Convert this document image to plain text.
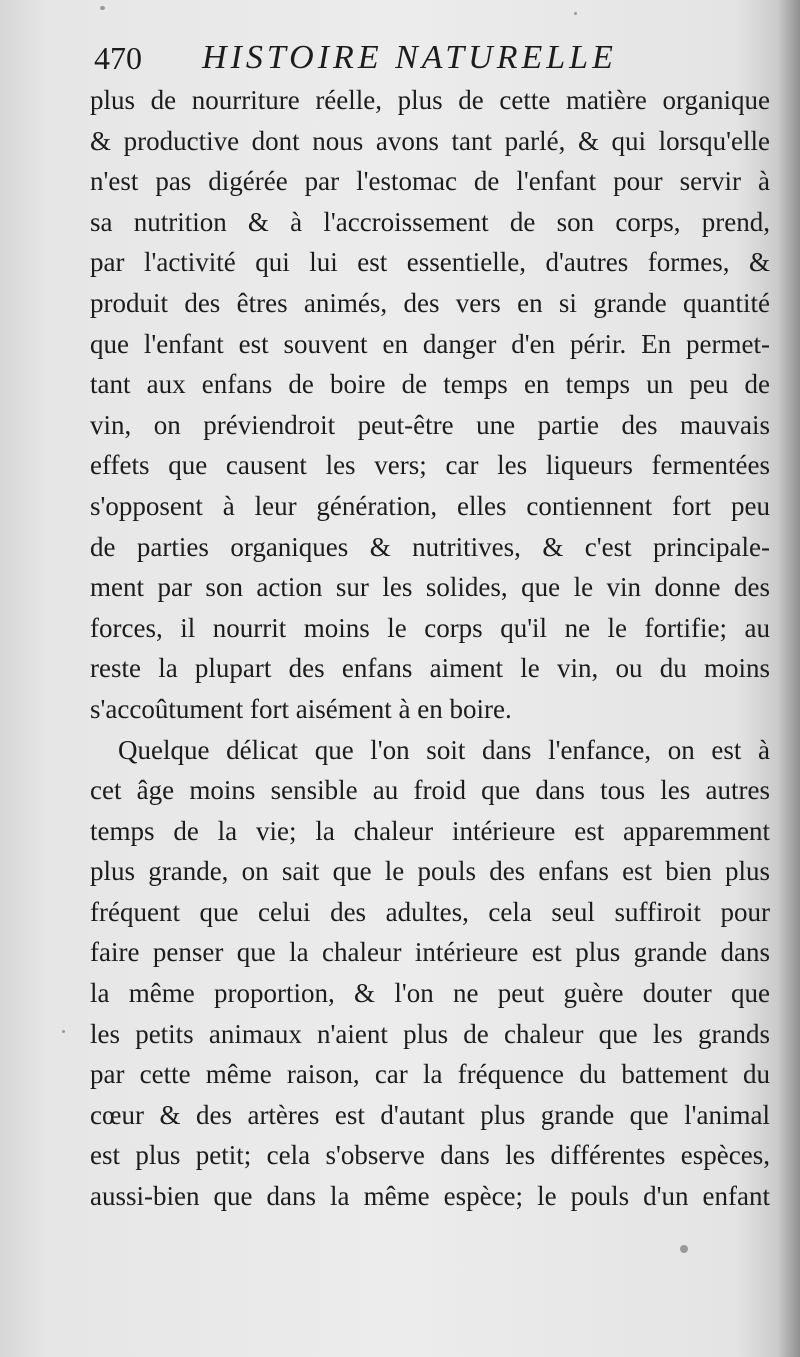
470	HISTOIRE NATURELLE
plus de nourriture réelle, plus de cette matière organique
& productive dont nous avons tant parlé, & qui lorsqu'elle
n'est pas digérée par l'estomac de l'enfant pour servir à
sa nutrition & à l'accroissement de son corps, prend,
par l'activité qui lui est essentielle, d'autres formes, &
produit des êtres animés, des vers en si grande quantité
que l'enfant est souvent en danger d'en périr. En permet-
tant aux enfans de boire de temps en temps un peu de
vin, on préviendroit peut-être une partie des mauvais
effets que causent les vers; car les liqueurs fermentées
s'opposent à leur génération, elles contiennent fort peu
de parties organiques & nutritives, & c'est principale-
ment par son action sur les solides, que le vin donne des
forces, il nourrit moins le corps qu'il ne le fortifie; au
reste la plupart des enfans aiment le vin, ou du moins
s'accoûtument fort aisément à en boire.
Quelque délicat que l'on soit dans l'enfance, on est à
cet âge moins sensible au froid que dans tous les autres
temps de la vie; la chaleur intérieure est apparemment
plus grande, on sait que le pouls des enfans est bien plus
fréquent que celui des adultes, cela seul suffiroit pour
faire penser que la chaleur intérieure est plus grande dans
la même proportion, & l'on ne peut guère douter que
les petits animaux n'aient plus de chaleur que les grands
par cette même raison, car la fréquence du battement du
cœur & des artères est d'autant plus grande que l'animal
est plus petit; cela s'observe dans les différentes espèces,
aussi-bien que dans la même espèce; le pouls d'un enfant
